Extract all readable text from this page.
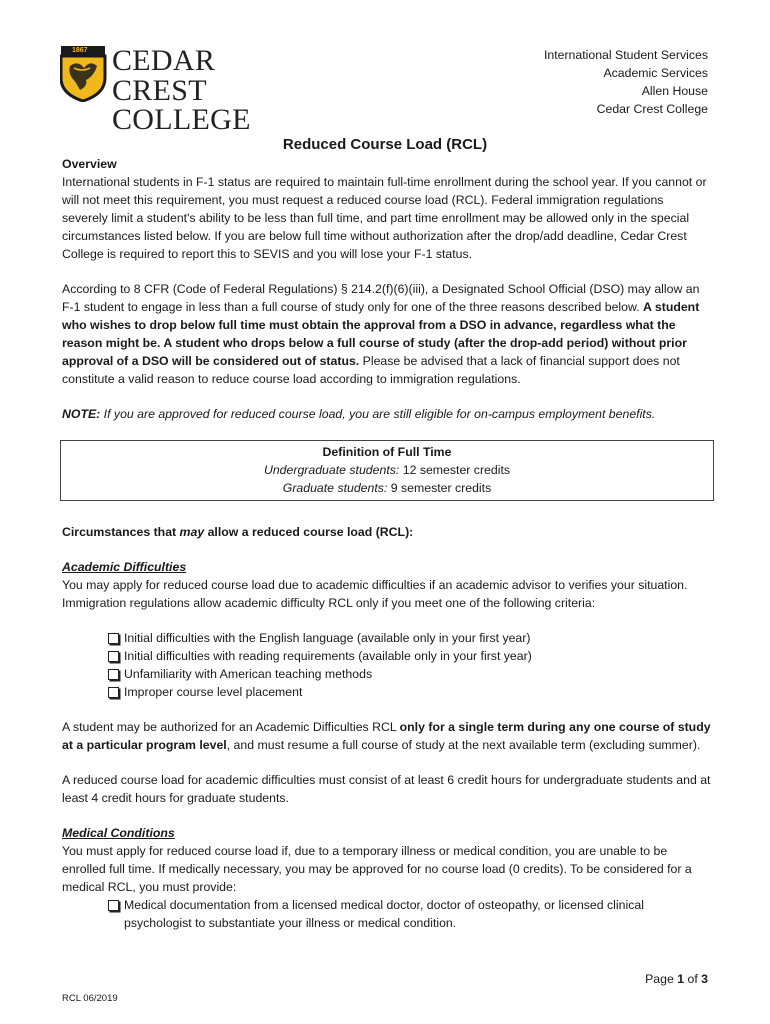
1867 CEDAR CREST
COLLEGE
International Student Services
Academic Services
Allen House
Cedar Crest College
Reduced Course Load (RCL)

Overview

International students in F-1 status are required to maintain full-time enrollment during the school year. If you cannot or will not meet this requirement, you must request a reduced course load (RCL). Federal immigration regulations severely limit a student's ability to be less than full time, and part time enrollment may be allowed only in the special circumstances listed below. If you are below full time without authorization after the drop/add deadline, Cedar Crest College is required to report this to SEVIS and you will lose your F-1 status.

According to 8 CFR (Code of Federal Regulations) § 214.2(f)(6)(iii), a Designated School Official (DSO) may allow an F-1 student to engage in less than a full course of study only for one of the three reasons described below. A student who wishes to drop below full time must obtain the approval from a DSO in advance, regardless what the reason might be. A student who drops below a full course of study (after the drop-add period) without prior approval of a DSO will be considered out of status. Please be advised that a lack of financial support does not constitute a valid reason to reduce course load according to immigration regulations.

NOTE: If you are approved for reduced course load, you are still eligible for on-campus employment benefits.

Definition of Full Time
Undergraduate students: 12 semester credits
Graduate students: 9 semester credits

Circumstances that may allow a reduced course load (RCL):

Academic Difficulties

You may apply for reduced course load due to academic difficulties if an academic advisor to verifies your situation. Immigration regulations allow academic difficulty RCL only if you meet one of the following criteria:

Initial difficulties with the English language (available only in your first year)
Initial difficulties with reading requirements (available only in your first year)
Unfamiliarity with American teaching methods
Improper course level placement

A student may be authorized for an Academic Difficulties RCL only for a single term during any one course of study at a particular program level, and must resume a full course of study at the next available term (excluding summer).

A reduced course load for academic difficulties must consist of at least 6 credit hours for undergraduate students and at least 4 credit hours for graduate students.

Medical Conditions

You must apply for reduced course load if, due to a temporary illness or medical condition, you are unable to be enrolled full time. If medically necessary, you may be approved for no course load (0 credits). To be considered for a medical RCL, you must provide:

Medical documentation from a licensed medical doctor, doctor of osteopathy, or licensed clinical psychologist to substantiate your illness or medical condition.
Page 1 of 3
RCL 06/2019
